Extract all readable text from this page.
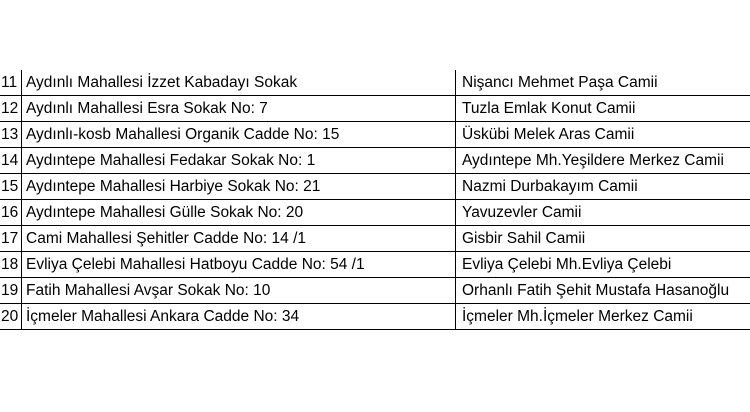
11	Aydınlı Mahallesi İzzet Kabadayı Sokak		Nişancı Mehmet Paşa Camii
12	Aydınlı Mahallesi Esra Sokak No: 7		Tuzla Emlak Konut Camii
13	Aydınlı-kosb Mahallesi Organik Cadde No: 15		Üskübi Melek Aras Camii
14	Aydıntepe Mahallesi Fedakar Sokak No: 1		Aydıntepe Mh.Yeşildere Merkez Camii
15	Aydıntepe Mahallesi Harbiye Sokak No: 21		Nazmi Durbakayım Camii
16	Aydıntepe Mahallesi Gülle Sokak No: 20		Yavuzevler Camii
17	Cami Mahallesi Şehitler Cadde No: 14 /1		Gisbir Sahil Camii
18	Evliya Çelebi Mahallesi Hatboyu Cadde No: 54 /1		Evliya Çelebi Mh.Evliya Çelebi
19	Fatih Mahallesi Avşar Sokak No: 10		Orhanlı Fatih Şehit Mustafa Hasanoğlu
20	İçmeler Mahallesi Ankara Cadde No: 34		İçmeler Mh.İçmeler Merkez Camii
